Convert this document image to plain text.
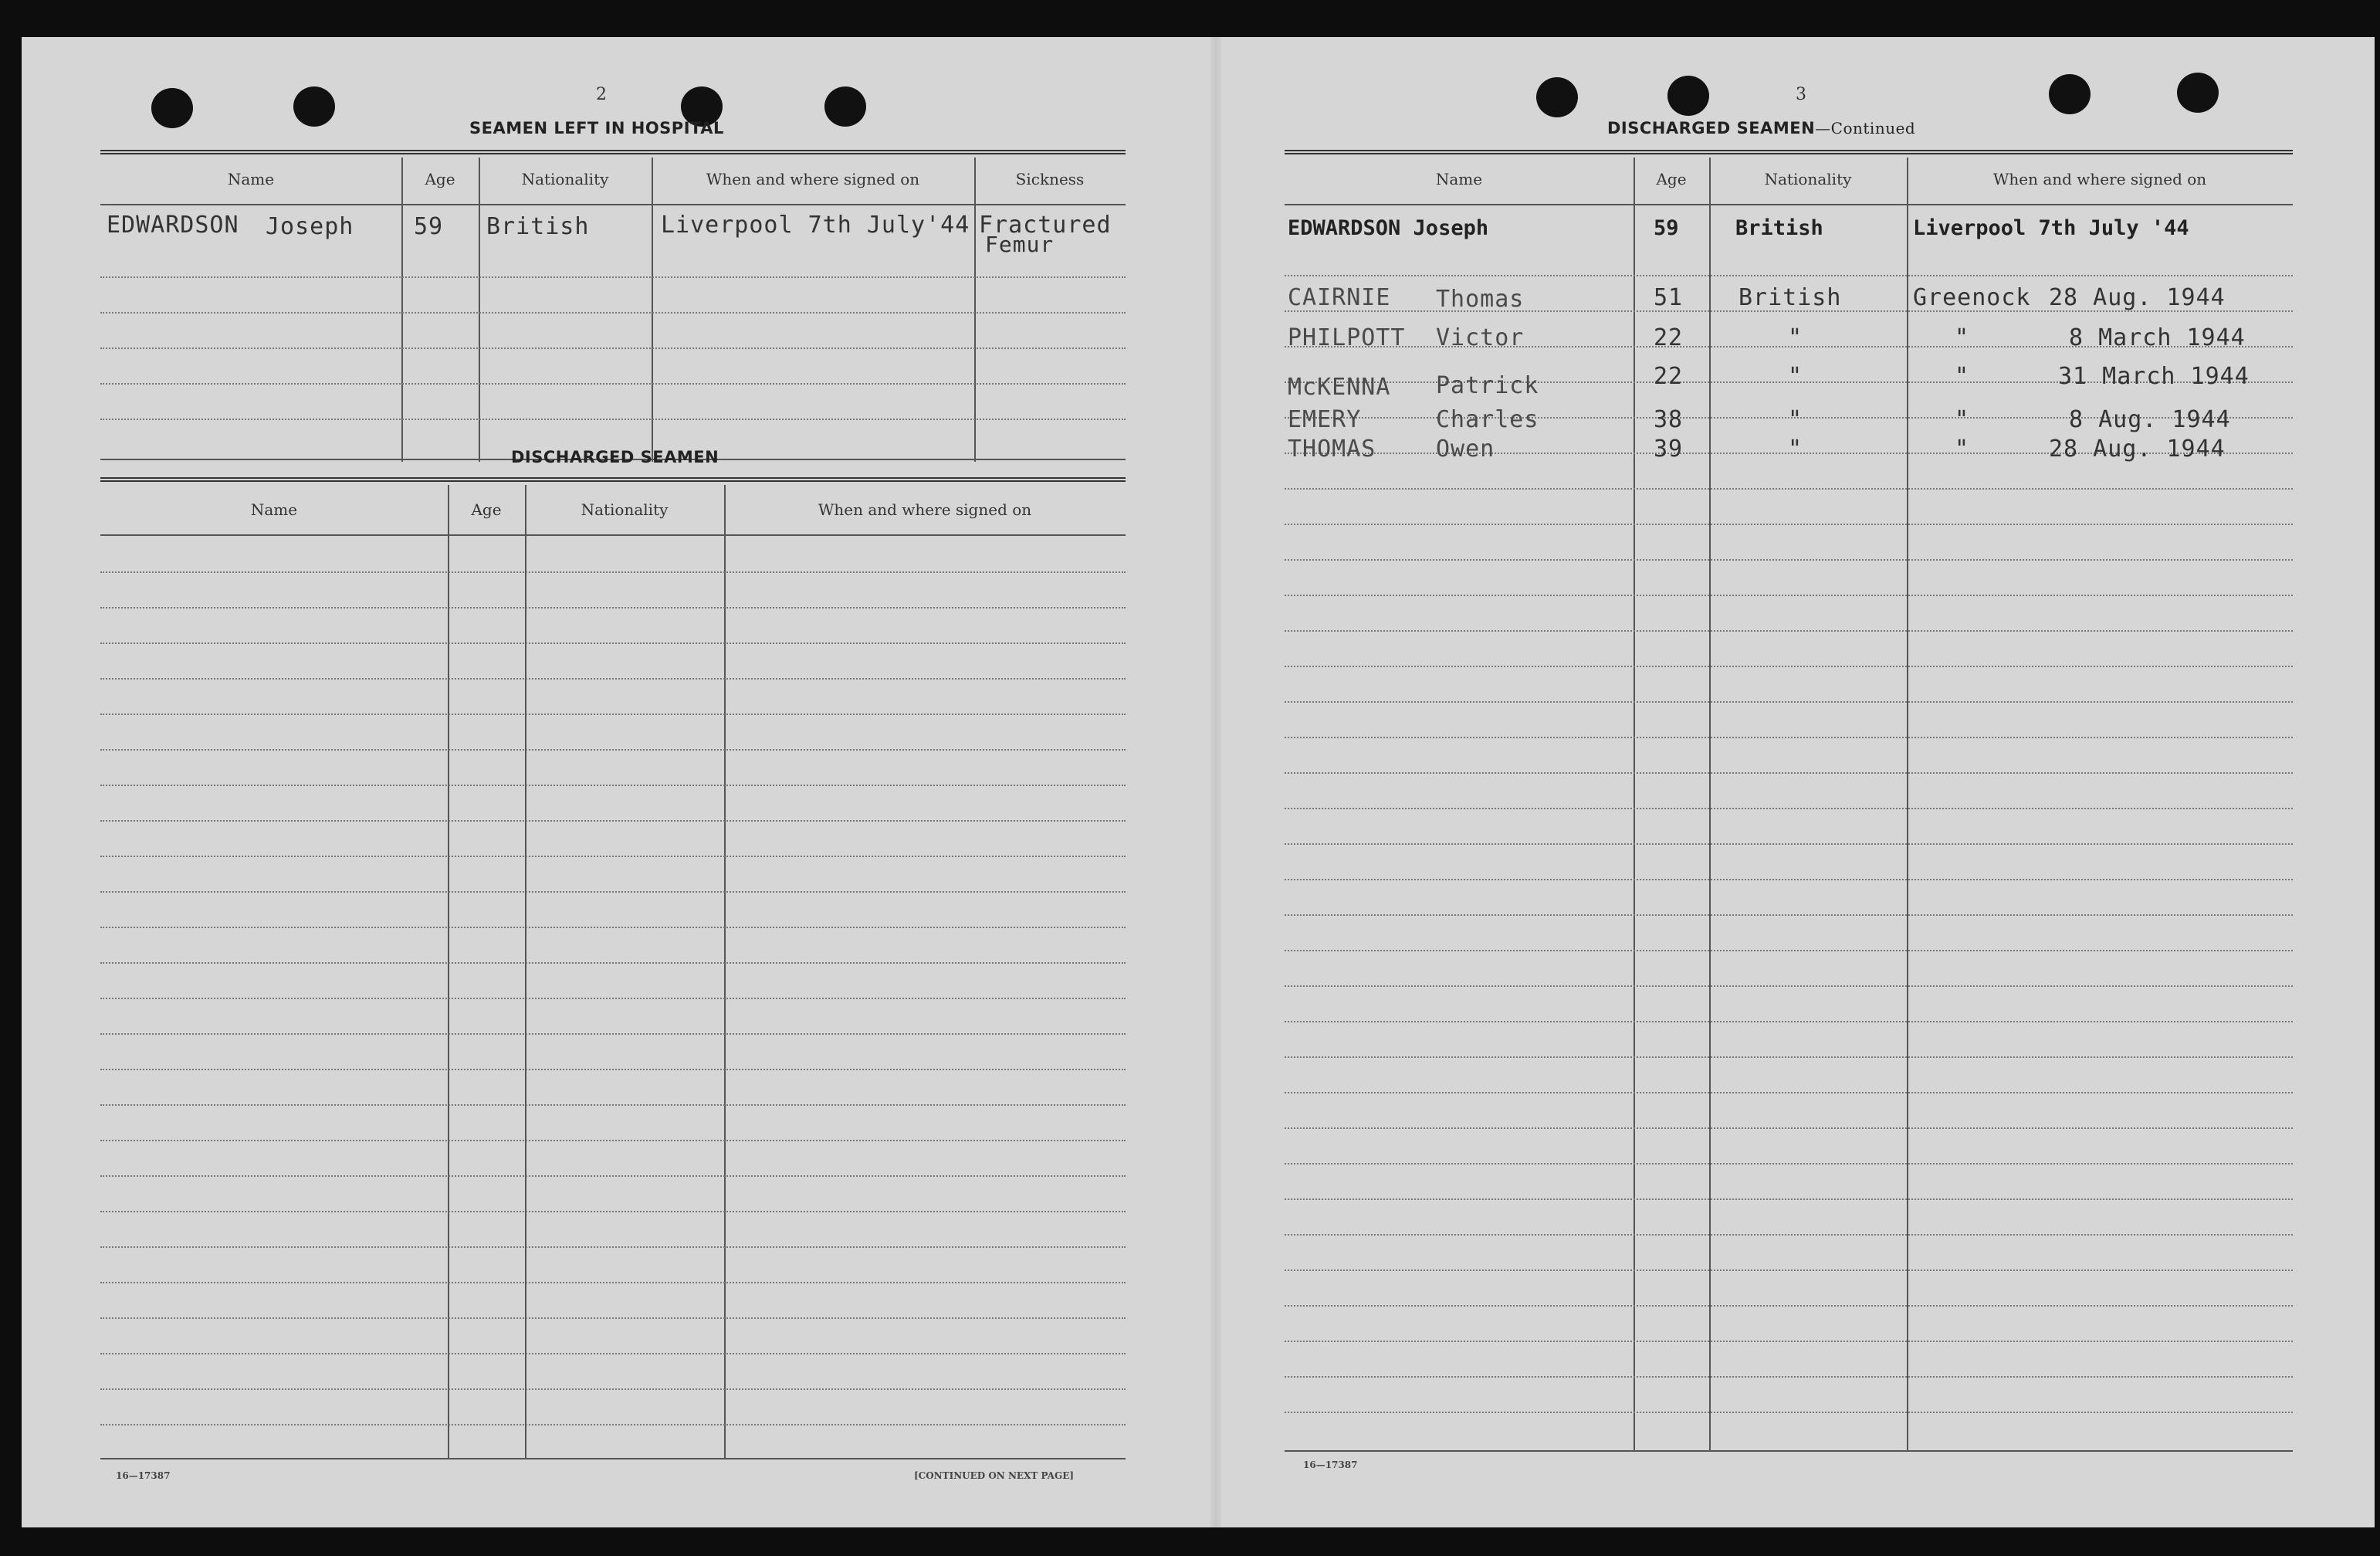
2
SEAMEN LEFT IN HOSPITAL
Name	Age	Nationality	When and where signed on	Sickness
EDWARDSON Joseph	59 British	Liverpool 7th July'44 Fractured
Femur
DISCHARGED SEAMEN
Name	Age	Nationality	When and where signed on
16—17387	[CONTINUED ON NEXT PAGE]
3
DISCHARGED SEAMEN—Continued
Name	Age	Nationality	When and where signed on
EDWARDSON Joseph	59	British	Liverpool 7th July '44
CAIRNIE Thomas	51 British	Greenock 28 Aug. 1944
PHILPOTT Victor	22	"	"	8 March 1944
McKENNA Patrick	22	"	"	31 March 1944
EMERY	Charles	38	"	"	8 Aug. 1944
THOMAS	Owen	39	"	"	28 Aug. 1944
16—17387
